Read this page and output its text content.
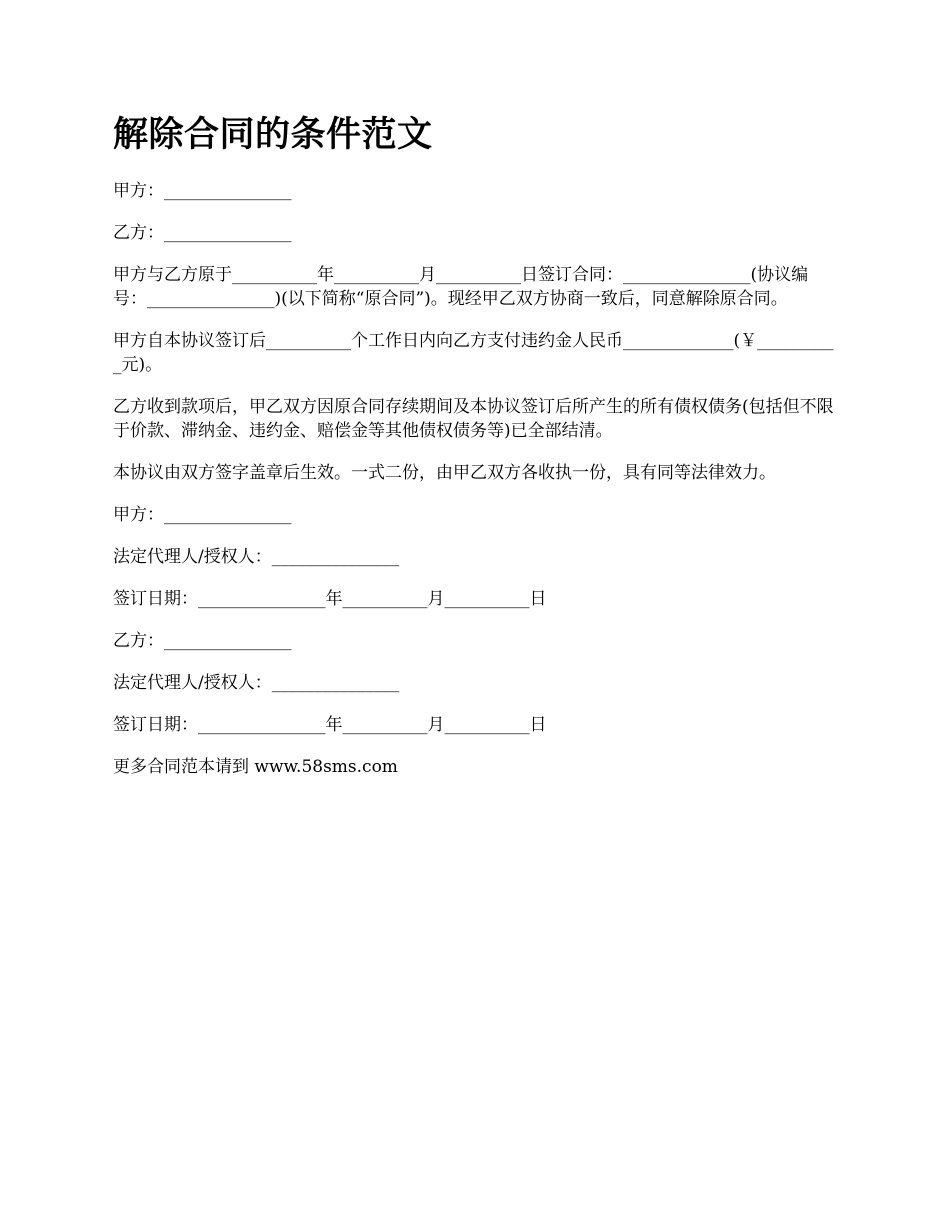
解除合同的条件范文

甲方：_______________

乙方：_______________

甲方与乙方原于__________年__________月__________日签订合同：_______________(协议编号：_______________)(以下简称“原合同”)。现经甲乙双方协商一致后，同意解除原合同。

甲方自本协议签订后__________个工作日内向乙方支付违约金人民币_____________(￥__________元)。

乙方收到款项后，甲乙双方因原合同存续期间及本协议签订后所产生的所有债权债务(包括但不限于价款、滞纳金、违约金、赔偿金等其他债权债务等)已全部结清。

本协议由双方签字盖章后生效。一式二份，由甲乙双方各收执一份，具有同等法律效力。

甲方：_______________

法定代理人/授权人：_______________

签订日期：_______________年__________月__________日

乙方：_______________

法定代理人/授权人：_______________

签订日期：_______________年__________月__________日

更多合同范本请到 www.58sms.com
